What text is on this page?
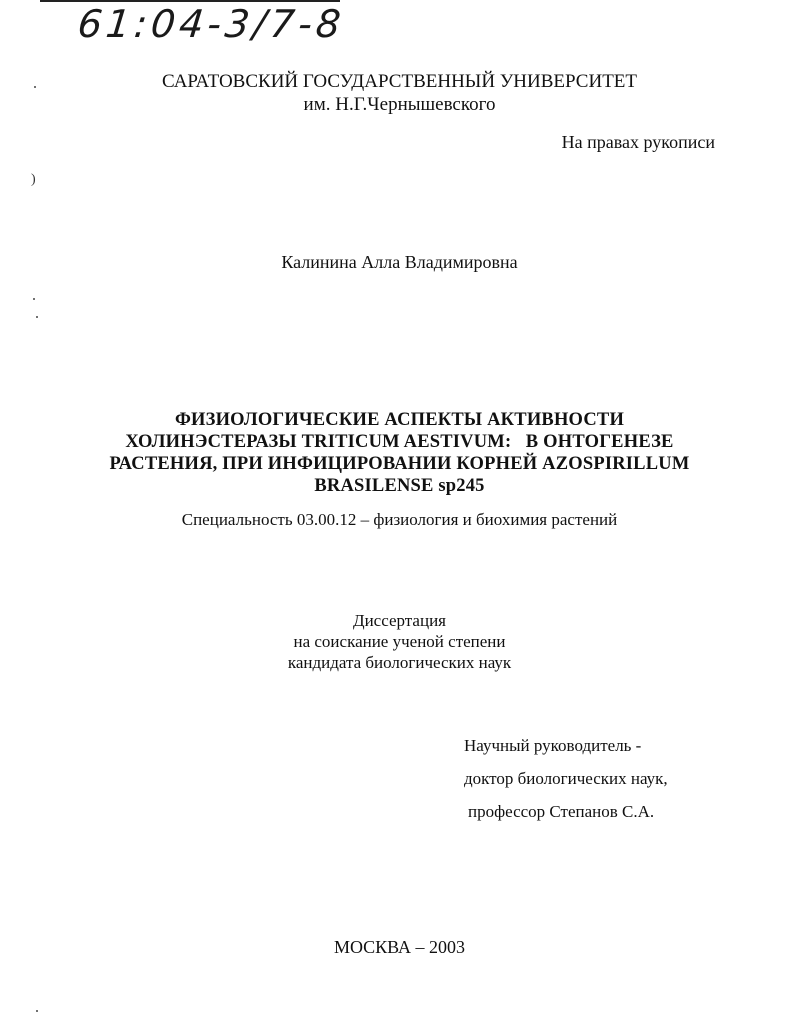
61:04-3/7-8
САРАТОВСКИЙ ГОСУДАРСТВЕННЫЙ УНИВЕРСИТЕТ
им. Н.Г.Чернышевского
На правах рукописи
)
Калинина Алла Владимировна
ФИЗИОЛОГИЧЕСКИЕ АСПЕКТЫ АКТИВНОСТИ
ХОЛИНЭСТЕРАЗЫ TRITICUM AESTIVUM:   В ОНТОГЕНЕЗЕ
РАСТЕНИЯ, ПРИ ИНФИЦИРОВАНИИ КОРНЕЙ AZOSPIRILLUM
BRASILENSE sp245
Специальность 03.00.12 – физиология и биохимия растений
Диссертация
на соискание ученой степени
кандидата биологических наук
Научный руководитель -
доктор биологических наук,
профессор Степанов С.А.
МОСКВА – 2003
